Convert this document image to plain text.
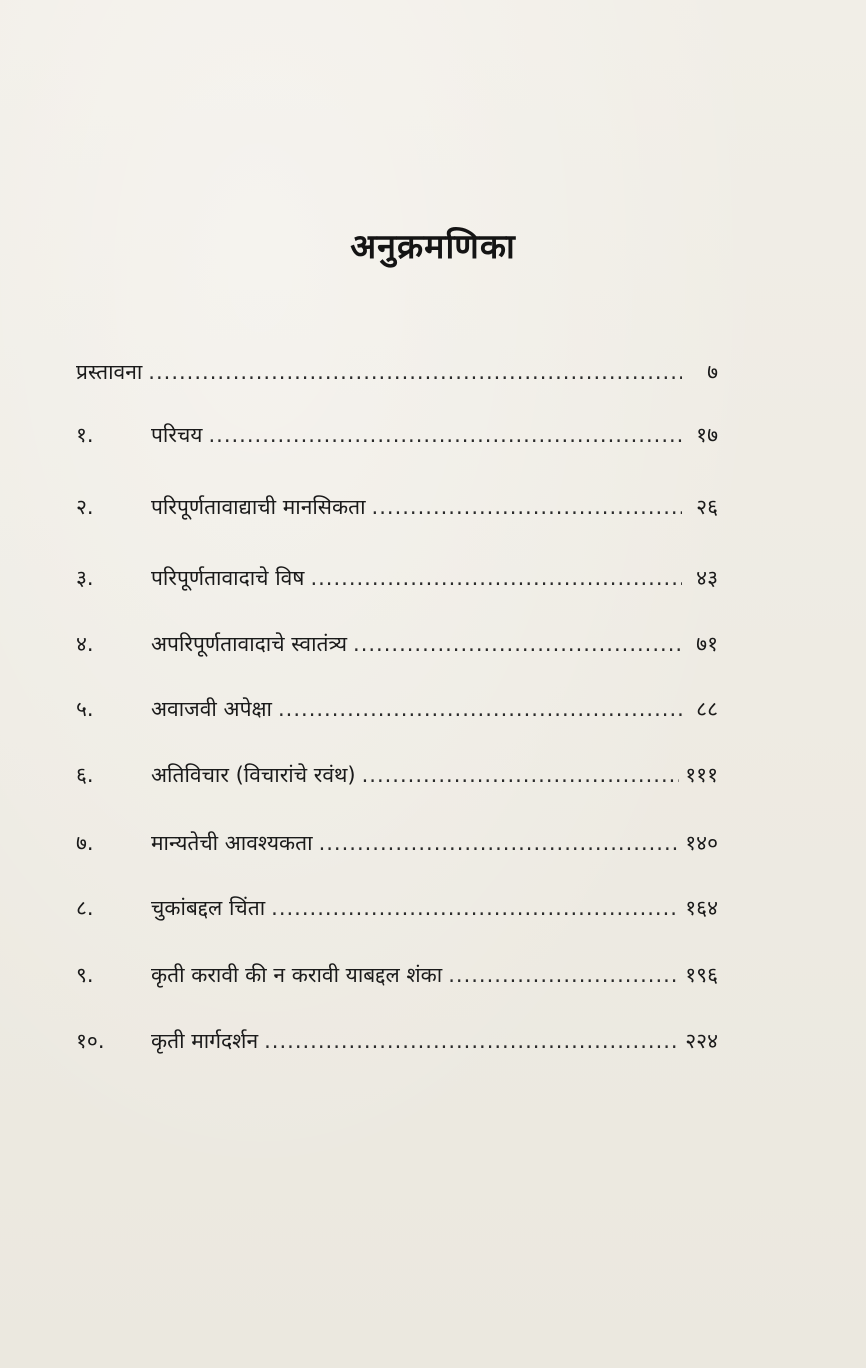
अनुक्रमणिका
प्रस्तावना .....	७
१.	परिचय .....	१७
२.	परिपूर्णतावाद्याची मानसिकता .....	२६
३.	परिपूर्णतावादाचे विष .....	४३
४.	अपरिपूर्णतावादाचे स्वातंत्र्य .....	७१
५.	अवाजवी अपेक्षा .....	८८
६.	अतिविचार (विचारांचे रवंथ) .....	१११
७.	मान्यतेची आवश्यकता .....	१४०
८.	चुकांबद्दल चिंता .....	१६४
९.	कृती करावी की न करावी याबद्दल शंका .....	१९६
१०.	कृती मार्गदर्शन .....	२२४
